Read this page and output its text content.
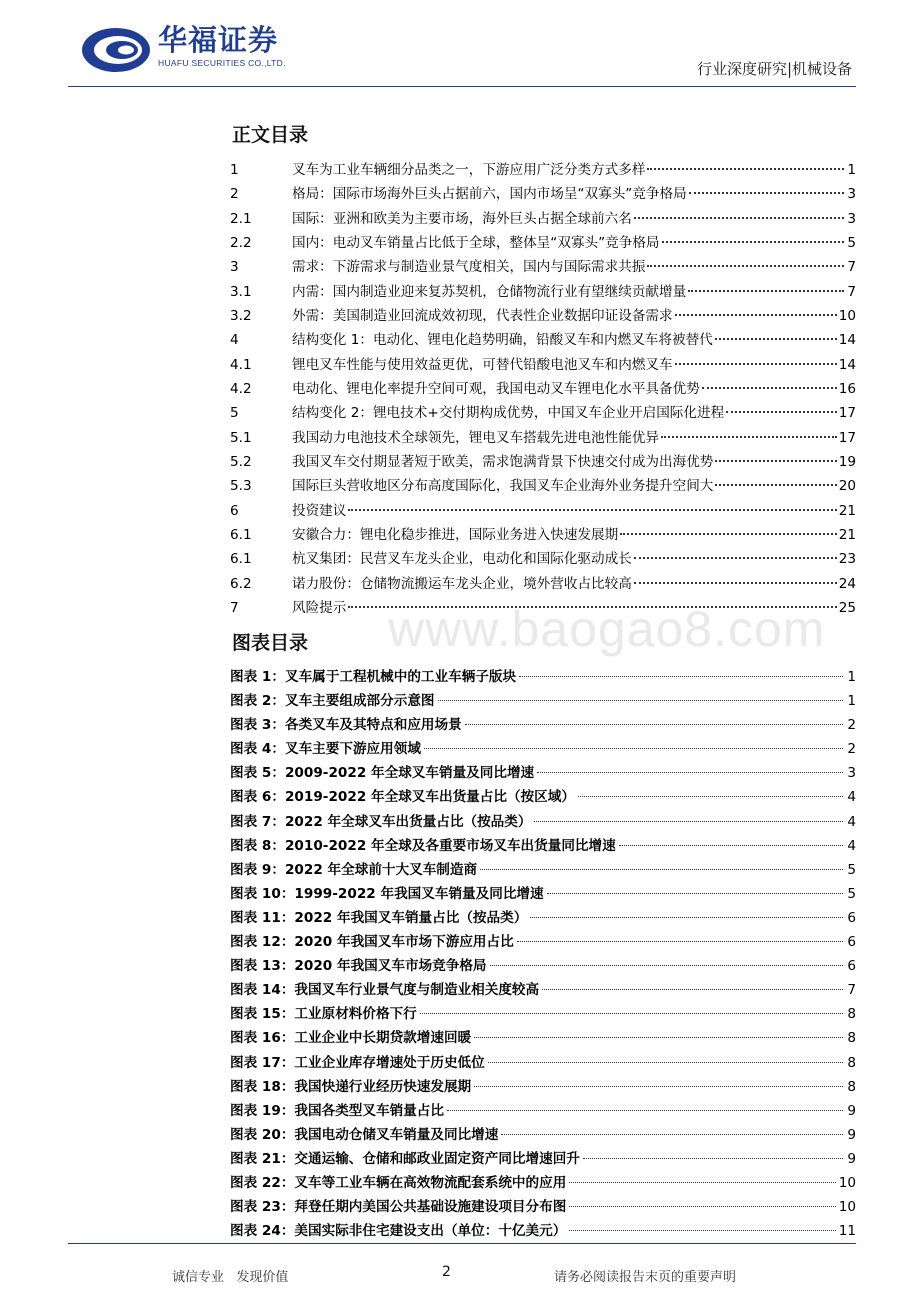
华福证券
HUAFU SECURITIES CO.,LTD.	行业深度研究|机械设备
正文目录
1	叉车为工业车辆细分品类之一，下游应用广泛分类方式多样	1
2	格局：国际市场海外巨头占据前六，国内市场呈“双寡头”竞争格局	3
2.1	国际：亚洲和欧美为主要市场，海外巨头占据全球前六名	3
2.2	国内：电动叉车销量占比低于全球，整体呈“双寡头”竞争格局	5
3	需求：下游需求与制造业景气度相关，国内与国际需求共振	7
3.1	内需：国内制造业迎来复苏契机，仓储物流行业有望继续贡献增量	7
3.2	外需：美国制造业回流成效初现，代表性企业数据印证设备需求	10
4	结构变化 1：电动化、锂电化趋势明确，铅酸叉车和内燃叉车将被替代	14
4.1	锂电叉车性能与使用效益更优，可替代铅酸电池叉车和内燃叉车	14
4.2	电动化、锂电化率提升空间可观，我国电动叉车锂电化水平具备优势	16
5	结构变化 2：锂电技术+交付期构成优势，中国叉车企业开启国际化进程	17
5.1	我国动力电池技术全球领先，锂电叉车搭载先进电池性能优异	17
5.2	我国叉车交付期显著短于欧美，需求饱满背景下快速交付成为出海优势	19
5.3	国际巨头营收地区分布高度国际化，我国叉车企业海外业务提升空间大	20
6	投资建议	21
6.1	安徽合力：锂电化稳步推进，国际业务进入快速发展期	21
6.1	杭叉集团：民营叉车龙头企业，电动化和国际化驱动成长	23
6.2	诺力股份：仓储物流搬运车龙头企业，境外营收占比较高	24
7	风险提示	25
www.baogao8.com
图表目录
图表 1：叉车属于工程机械中的工业车辆子版块	1
图表 2：叉车主要组成部分示意图	1
图表 3：各类叉车及其特点和应用场景	2
图表 4：叉车主要下游应用领域	2
图表 5：2009-2022 年全球叉车销量及同比增速	3
图表 6：2019-2022 年全球叉车出货量占比（按区域）	4
图表 7：2022 年全球叉车出货量占比（按品类）	4
图表 8：2010-2022 年全球及各重要市场叉车出货量同比增速	4
图表 9：2022 年全球前十大叉车制造商	5
图表 10：1999-2022 年我国叉车销量及同比增速	5
图表 11：2022 年我国叉车销量占比（按品类）	6
图表 12：2020 年我国叉车市场下游应用占比	6
图表 13：2020 年我国叉车市场竞争格局	6
图表 14：我国叉车行业景气度与制造业相关度较高	7
图表 15：工业原材料价格下行	8
图表 16：工业企业中长期贷款增速回暖	8
图表 17：工业企业库存增速处于历史低位	8
图表 18：我国快递行业经历快速发展期	8
图表 19：我国各类型叉车销量占比	9
图表 20：我国电动仓储叉车销量及同比增速	9
图表 21：交通运输、仓储和邮政业固定资产同比增速回升	9
图表 22：叉车等工业车辆在高效物流配套系统中的应用	10
图表 23：拜登任期内美国公共基础设施建设项目分布图	10
图表 24：美国实际非住宅建设支出（单位：十亿美元）	11
诚信专业   发现价值	2	请务必阅读报告末页的重要声明
